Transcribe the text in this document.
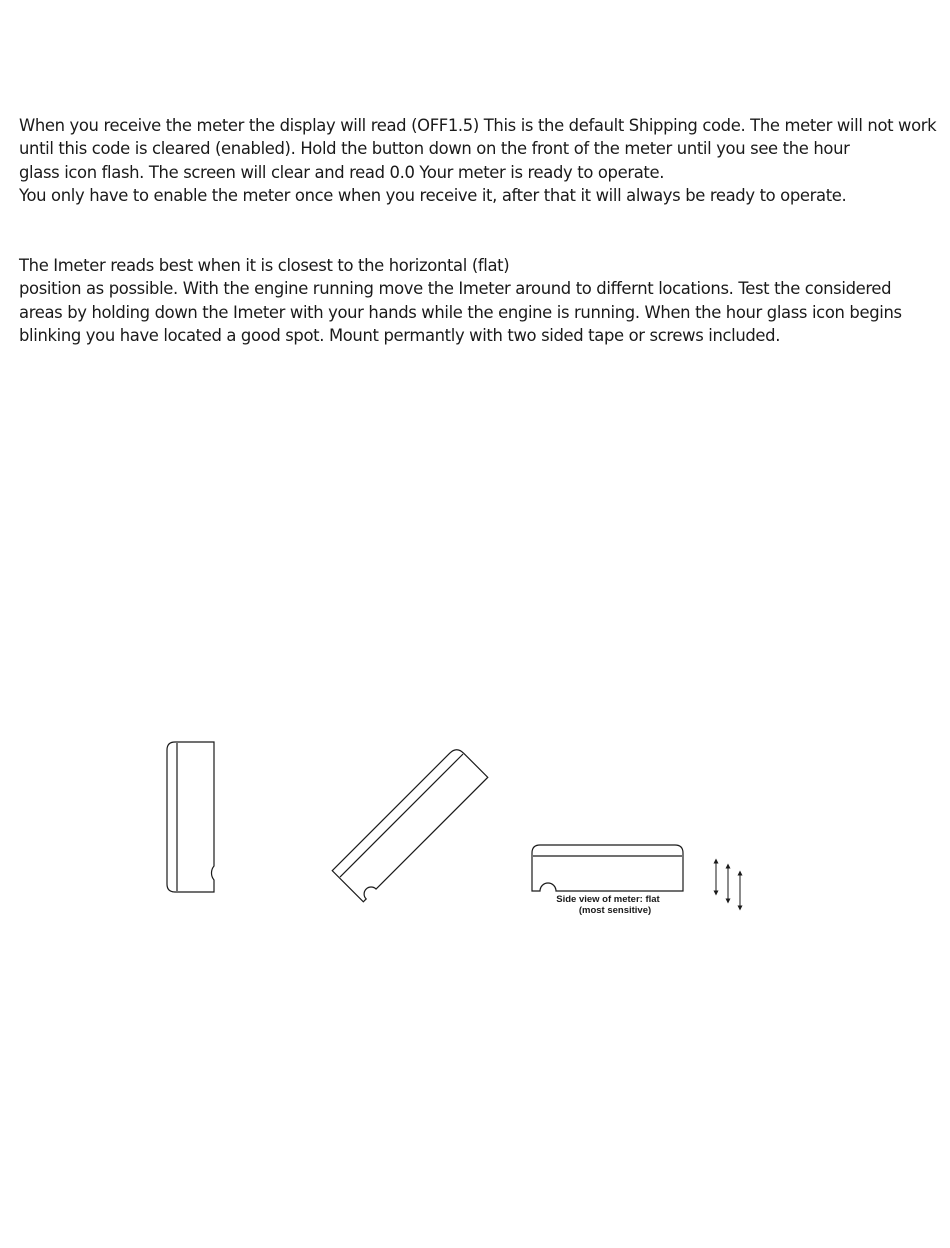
When you receive the meter the display will read (OFF1.5) This is the default Shipping code. The meter will not work
until this code is cleared (enabled). Hold the button down on the front of the meter until you see the hour
glass icon flash. The screen will clear and read 0.0 Your meter is ready to operate.
You only have to enable the meter once when you receive it, after that it will always be ready to operate.

The Imeter reads best when it is closest to the horizontal (flat)
position as possible. With the engine running move the Imeter around to differnt locations. Test the considered
areas by holding down the Imeter with your hands while the engine is running. When the hour glass icon begins
blinking you have located a good spot. Mount permantly with two sided tape or screws included.

Side view of meter: flat
(most sensitive)
